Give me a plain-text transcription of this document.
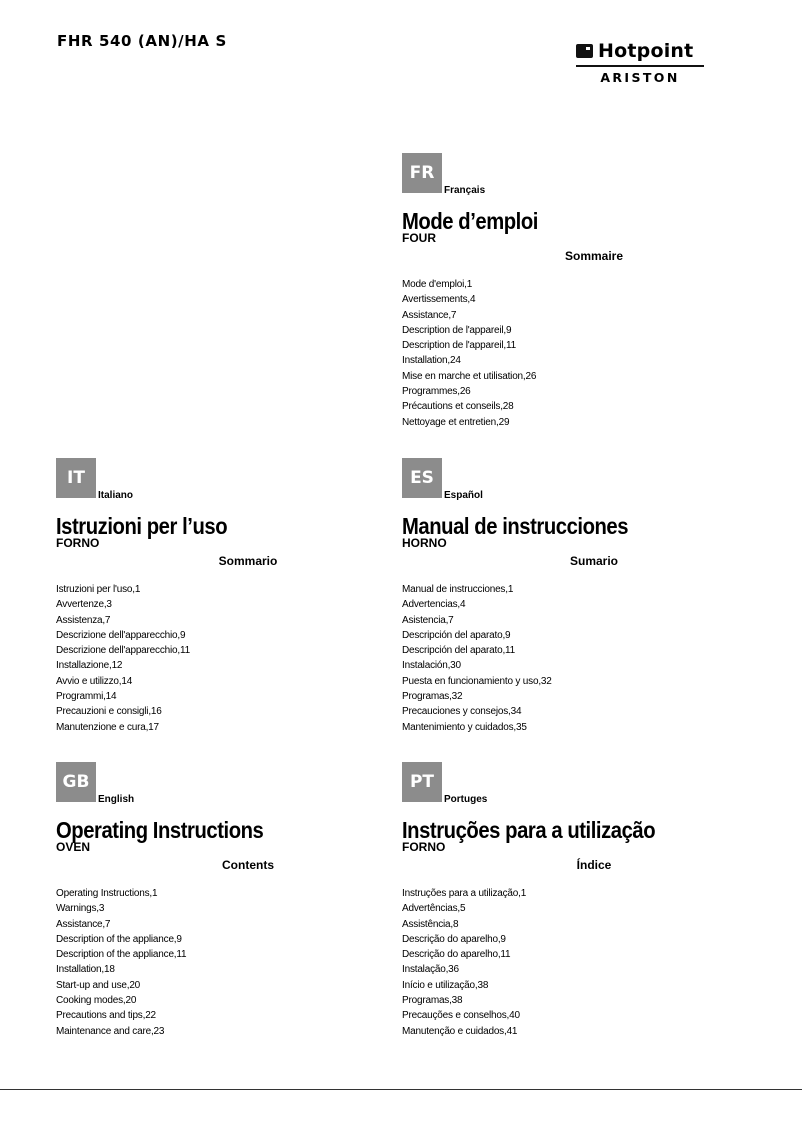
FHR 540 (AN)/HA S	Hotpoint
ARISTON
FR
Français
Mode d’emploi
FOUR
Sommaire
Mode d'emploi,1
Avertissements,4
Assistance,7
Description de l'appareil,9
Description de l'appareil,11
Installation,24
Mise en marche et utilisation,26
Programmes,26
Précautions et conseils,28
Nettoyage et entretien,29
IT
Italiano
Istruzioni per l’uso
FORNO
Sommario
Istruzioni per l'uso,1
Avvertenze,3
Assistenza,7
Descrizione dell'apparecchio,9
Descrizione dell'apparecchio,11
Installazione,12
Avvio e utilizzo,14
Programmi,14
Precauzioni e consigli,16
Manutenzione e cura,17
ES
Español
Manual de instrucciones
HORNO
Sumario
Manual de instrucciones,1
Advertencias,4
Asistencia,7
Descripción del aparato,9
Descripción del aparato,11
Instalación,30
Puesta en funcionamiento y uso,32
Programas,32
Precauciones y consejos,34
Mantenimiento y cuidados,35
GB
English
Operating Instructions
OVEN
Contents
Operating Instructions,1
Warnings,3
Assistance,7
Description of the appliance,9
Description of the appliance,11
Installation,18
Start-up and use,20
Cooking modes,20
Precautions and tips,22
Maintenance and care,23
PT
Portuges
Instruções para a utilização
FORNO
Índice
Instruções para a utilização,1
Advertências,5
Assistência,8
Descrição do aparelho,9
Descrição do aparelho,11
Instalação,36
Início e utilização,38
Programas,38
Precauções e conselhos,40
Manutenção e cuidados,41
